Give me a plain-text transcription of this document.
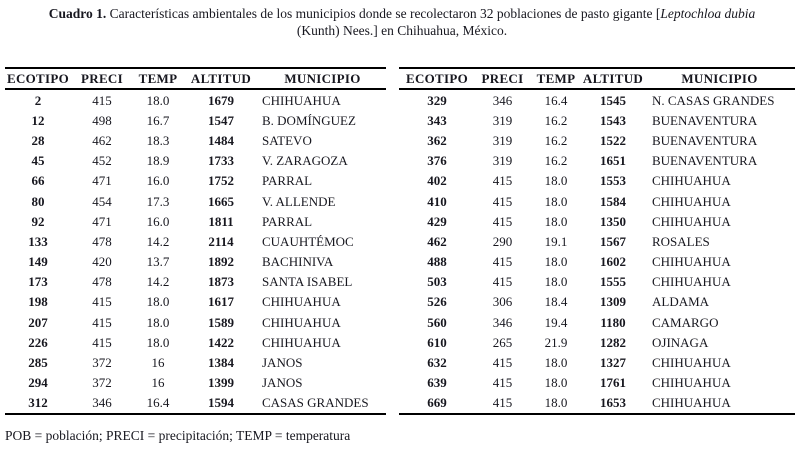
Cuadro 1. Características ambientales de los municipios donde se recolectaron 32 poblaciones de pasto gigante [Leptochloa dubia
(Kunth) Nees.] en Chihuahua, México.

ECOTIPO	PRECI	TEMP	ALTITUD	MUNICIPIO
2	415	18.0	1679	CHIHUAHUA
12	498	16.7	1547	B. DOMÍNGUEZ
28	462	18.3	1484	SATEVO
45	452	18.9	1733	V. ZARAGOZA
66	471	16.0	1752	PARRAL
80	454	17.3	1665	V. ALLENDE
92	471	16.0	1811	PARRAL
133	478	14.2	2114	CUAUHTÉMOC
149	420	13.7	1892	BACHINIVA
173	478	14.2	1873	SANTA ISABEL
198	415	18.0	1617	CHIHUAHUA
207	415	18.0	1589	CHIHUAHUA
226	415	18.0	1422	CHIHUAHUA
285	372	16	1384	JANOS
294	372	16	1399	JANOS
312	346	16.4	1594	CASAS GRANDES
ECOTIPO	PRECI	TEMP	ALTITUD	MUNICIPIO
329	346	16.4	1545	N. CASAS GRANDES
343	319	16.2	1543	BUENAVENTURA
362	319	16.2	1522	BUENAVENTURA
376	319	16.2	1651	BUENAVENTURA
402	415	18.0	1553	CHIHUAHUA
410	415	18.0	1584	CHIHUAHUA
429	415	18.0	1350	CHIHUAHUA
462	290	19.1	1567	ROSALES
488	415	18.0	1602	CHIHUAHUA
503	415	18.0	1555	CHIHUAHUA
526	306	18.4	1309	ALDAMA
560	346	19.4	1180	CAMARGO
610	265	21.9	1282	OJINAGA
632	415	18.0	1327	CHIHUAHUA
639	415	18.0	1761	CHIHUAHUA
669	415	18.0	1653	CHIHUAHUA

POB = población; PRECI = precipitación; TEMP = temperatura
